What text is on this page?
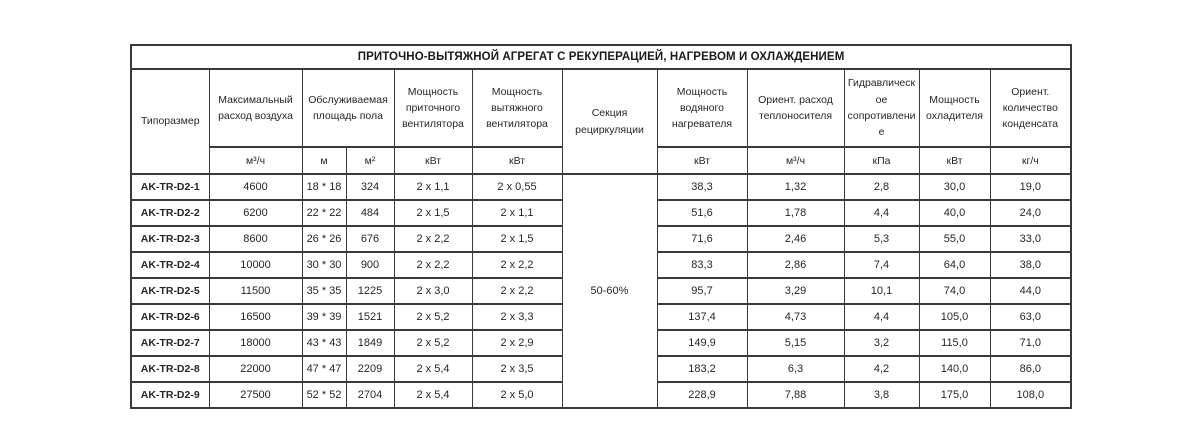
ПРИТОЧНО-ВЫТЯЖНОЙ АГРЕГАТ С РЕКУПЕРАЦИЕЙ, НАГРЕВОМ И ОХЛАЖДЕНИЕМ											
Типоразмер	Максимальный расход воздуха	Обслуживаемая площадь пола		Мощность приточного вентилятора	Мощность вытяжного вентилятора	Секция рециркуляции	Мощность водяного нагревателя	Ориент. расход теплоносителя	Гидравлическое сопротивление	Мощность охладителя	Ориент. количество конденсата
	м³/ч	м	м²	кВт	кВт		кВт	м³/ч	кПа	кВт	кг/ч
AK-TR-D2-1	4600	18 * 18	324	2 x 1,1	2 x 0,55	50-60%	38,3	1,32	2,8	30,0	19,0
AK-TR-D2-2	6200	22 * 22	484	2 x 1,5	2 x 1,1		51,6	1,78	4,4	40,0	24,0
AK-TR-D2-3	8600	26 * 26	676	2 x 2,2	2 x 1,5		71,6	2,46	5,3	55,0	33,0
AK-TR-D2-4	10000	30 * 30	900	2 x 2,2	2 x 2,2		83,3	2,86	7,4	64,0	38,0
AK-TR-D2-5	11500	35 * 35	1225	2 x 3,0	2 x 2,2		95,7	3,29	10,1	74,0	44,0
AK-TR-D2-6	16500	39 * 39	1521	2 x 5,2	2 x 3,3		137,4	4,73	4,4	105,0	63,0
AK-TR-D2-7	18000	43 * 43	1849	2 x 5,2	2 x 2,9		149,9	5,15	3,2	115,0	71,0
AK-TR-D2-8	22000	47 * 47	2209	2 x 5,4	2 x 3,5		183,2	6,3	4,2	140,0	86,0
AK-TR-D2-9	27500	52 * 52	2704	2 x 5,4	2 x 5,0		228,9	7,88	3,8	175,0	108,0
